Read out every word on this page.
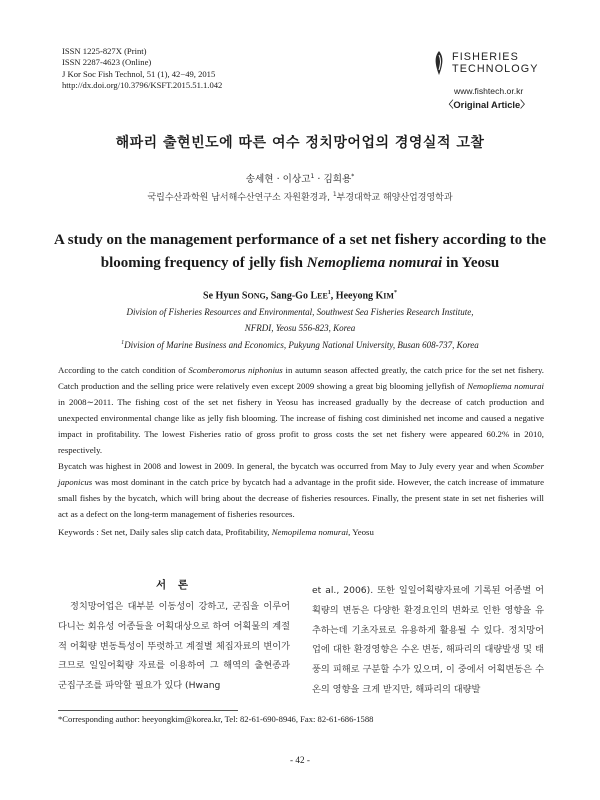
ISSN 1225-827X (Print)
ISSN 2287-4623 (Online)
J Kor Soc Fish Technol, 51 (1), 42−49, 2015
http://dx.doi.org/10.3796/KSFT.2015.51.1.042
FISHERIES
TECHNOLOGY
www.fishtech.or.kr
〈Original Article〉
해파리 출현빈도에 따른 여수 정치망어업의 경영실적 고찰
송세현 · 이상고$^1$ · 김희용*
국립수산과학원 남서해수산연구소 자원환경과, $^1$부경대학교 해양산업경영학과
A study on the management performance of a set net fishery according to the blooming frequency of jelly fish Nemopliema nomurai in Yeosu
Se Hyun SONG, Sang-Go LEE$^1$, Heeyong KIM*
Division of Fisheries Resources and Environmental, Southwest Sea Fisheries Research Institute,
NFRDI, Yeosu 556-823, Korea
$^1$Division of Marine Business and Economics, Pukyung National University, Busan 608-737, Korea

According to the catch condition of Scomberomorus niphonius in autumn season affected greatly, the catch price for the set net fishery. Catch production and the selling price were relatively even except 2009 showing a great big blooming jellyfish of Nemopliema nomurai in 2008∼2011. The fishing cost of the set net fishery in Yeosu has increased gradually by the decrease of catch production and unexpected environmental change like as jelly fish blooming. The increase of fishing cost diminished net income and caused a negative impact in profitability. The lowest Fisheries ratio of gross profit to gross costs the set net fishery were appeared 60.2% in 2010, respectively.

Bycatch was highest in 2008 and lowest in 2009. In general, the bycatch was occurred from May to July every year and when Scomber japonicus was most dominant in the catch price by bycatch had a advantage in the profit side. However, the catch increase of immature small fishes by the bycatch, which will bring about the decrease of fisheries resources. Finally, the present state in set net fisheries will act as a defect on the long-term management of fisheries resources.

Keywords : Set net, Daily sales slip catch data, Profitability, Nemopilema nomurai, Yeosu
서 론

정치망어업은 대부분 이동성이 강하고, 군집을 이루어 다니는 회유성 어종들을 어획대상으로 하여 어획물의 계절적 어획량 변동특성이 뚜렷하고 계절별 체집자료의 변이가 크므로 일일어획량 자료를 이용하여 그 해역의 출현종과 군집구조를 파악할 필요가 있다 (Hwang

et al., 2006). 또한 일일어획량자료에 기록된 어종별 어획량의 변동은 다양한 환경요인의 변화로 인한 영향을 유추하는데 기초자료로 유용하게 활용될 수 있다. 정치망어업에 대한 환경영향은 수온 변동, 해파리의 대량발생 및 태풍의 피해로 구분할 수가 있으며, 이 중에서 어획변동은 수온의 영향을 크게 받지만, 해파리의 대량발

*Corresponding author: heeyongkim@korea.kr, Tel: 82-61-690-8946, Fax: 82-61-686-1588
- 42 -
